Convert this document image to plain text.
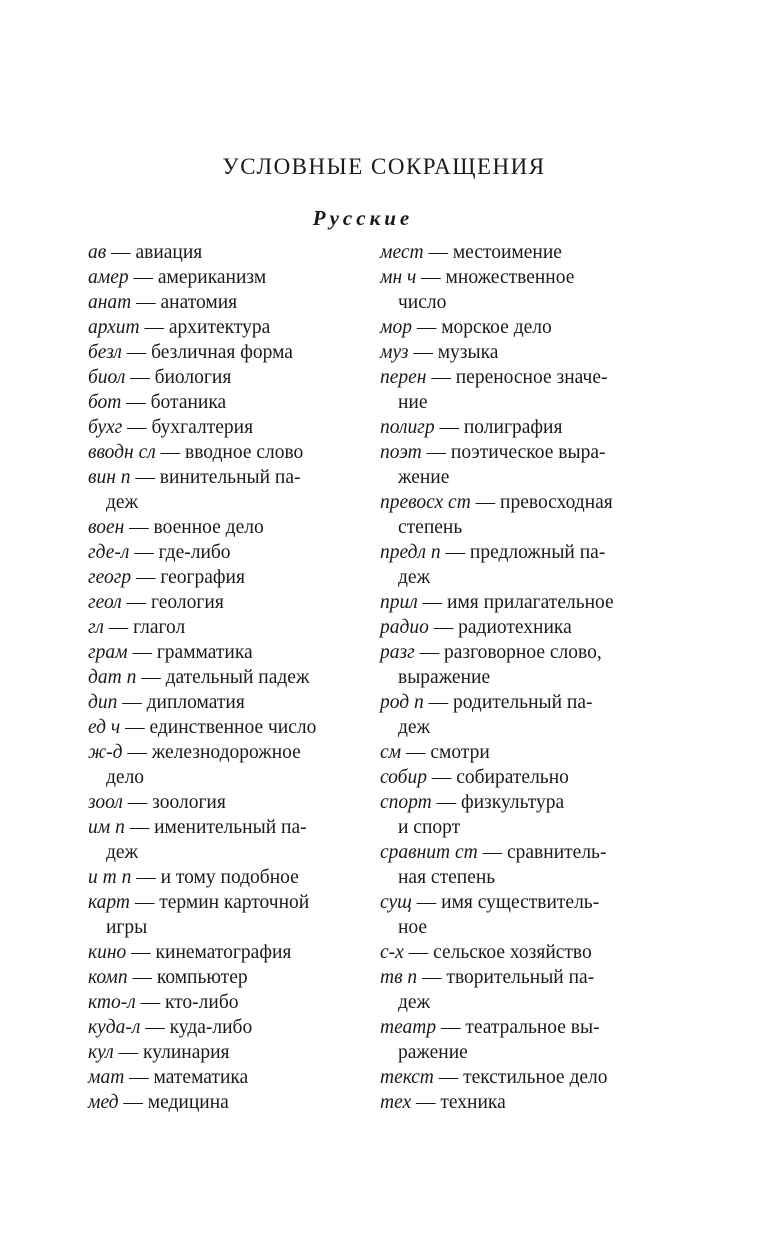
УСЛОВНЫЕ СОКРАЩЕНИЯ
Русские
ав — авиация
амер — американизм
анат — анатомия
архит — архитектура
безл — безличная форма
биол — биология
бот — ботаника
бухг — бухгалтерия
вводн сл — вводное слово
вин п — винительный па-
деж
воен — военное дело
где-л — где-либо
геогр — география
геол — геология
гл — глагол
грам — грамматика
дат п — дательный падеж
дип — дипломатия
ед ч — единственное число
ж-д — железнодорожное
дело
зоол — зоология
им п — именительный па-
деж
и т п — и тому подобное
карт — термин карточной
игры
кино — кинематография
комп — компьютер
кто-л — кто-либо
куда-л — куда-либо
кул — кулинария
мат — математика
мед — медицина
мест — местоимение
мн ч — множественное
число
мор — морское дело
муз — музыка
перен — переносное значе-
ние
полигр — полиграфия
поэт — поэтическое выра-
жение
превосх ст — превосходная
степень
предл п — предложный па-
деж
прил — имя прилагательное
радио — радиотехника
разг — разговорное слово,
выражение
род п — родительный па-
деж
см — смотри
собир — собирательно
спорт — физкультура
и спорт
сравнит ст — сравнитель-
ная степень
сущ — имя существитель-
ное
с-х — сельское хозяйство
тв п — творительный па-
деж
театр — театральное вы-
ражение
текст — текстильное дело
тех — техника
